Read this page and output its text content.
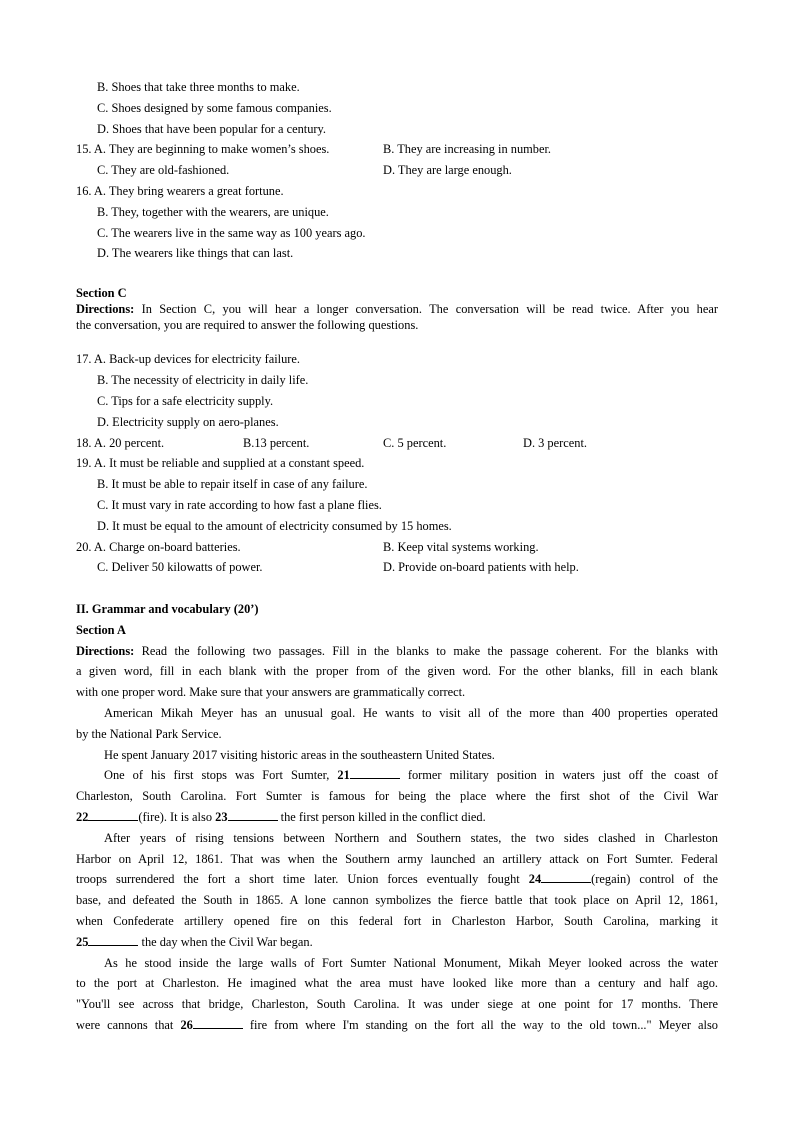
B. Shoes that take three months to make.
C. Shoes designed by some famous companies.
D. Shoes that have been popular for a century.
15. A. They are beginning to make women’s shoes.	B. They are increasing in number.
C. They are old-fashioned.	D. They are large enough.
16. A. They bring wearers a great fortune.
B. They, together with the wearers, are unique.
C. The wearers live in the same way as 100 years ago.
D. The wearers like things that can last.
Section C
Directions: In Section C, you will hear a longer conversation. The conversation will be read twice. After you hear
the conversation, you are required to answer the following questions.
17. A. Back-up devices for electricity failure.
B. The necessity of electricity in daily life.
C. Tips for a safe electricity supply.
D. Electricity supply on aero-planes.
18. A. 20 percent.	B.13 percent.	C. 5 percent.	D. 3 percent.
19. A. It must be reliable and supplied at a constant speed.
B. It must be able to repair itself in case of any failure.
C. It must vary in rate according to how fast a plane flies.
D. It must be equal to the amount of electricity consumed by 15 homes.
20. A. Charge on-board batteries.	B. Keep vital systems working.
C. Deliver 50 kilowatts of power.	D. Provide on-board patients with help.
II. Grammar and vocabulary (20’)
Section A
Directions: Read the following two passages. Fill in the blanks to make the passage coherent. For the blanks with
a given word, fill in each blank with the proper from of the given word. For the other blanks, fill in each blank
with one proper word. Make sure that your answers are grammatically correct.
American Mikah Meyer has an unusual goal. He wants to visit all of the more than 400 properties operated
by the National Park Service.
He spent January 2017 visiting historic areas in the southeastern United States.
One of his first stops was Fort Sumter, 21	former military position in waters just off the coast of
Charleston, South Carolina. Fort Sumter is famous for being the place where the first shot of the Civil War
22	(fire). It is also 23	the first person killed in the conflict died.
After years of rising tensions between Northern and Southern states, the two sides clashed in Charleston
Harbor on April 12, 1861. That was when the Southern army launched an artillery attack on Fort Sumter. Federal
troops surrendered the fort a short time later. Union forces eventually fought 24	(regain) control of the
base, and defeated the South in 1865. A lone cannon symbolizes the fierce battle that took place on April 12, 1861,
when Confederate artillery opened fire on this federal fort in Charleston Harbor, South Carolina, marking it
25	the day when the Civil War began.
As he stood inside the large walls of Fort Sumter National Monument, Mikah Meyer looked across the water
to the port at Charleston. He imagined what the area must have looked like more than a century and half ago.
"You'll see across that bridge, Charleston, South Carolina. It was under siege at one point for 17 months. There
were cannons that 26	fire from where I'm standing on the fort all the way to the old town..." Meyer also
